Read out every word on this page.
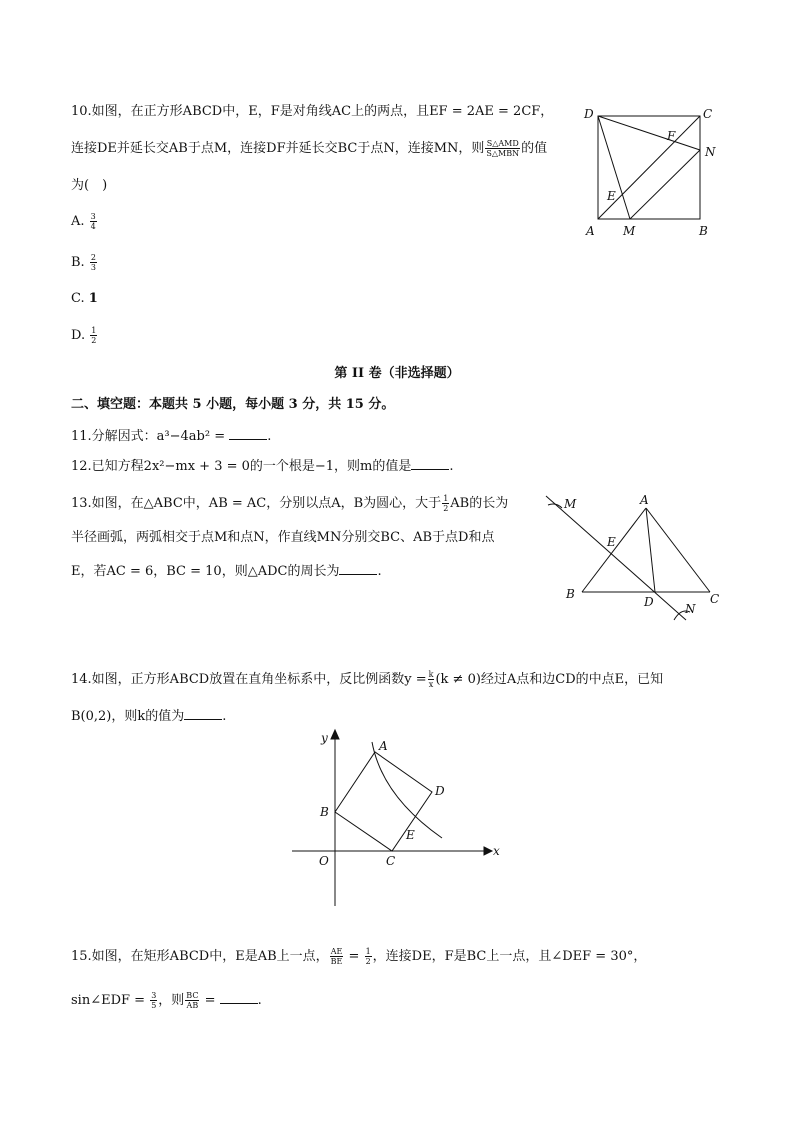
10.如图，在正方形ABCD中，E，F是对角线AC上的两点，且EF = 2AE = 2CF，
连接DE并延长交AB于点M，连接DF并延长交BC于点N，连接MN，则 $\frac{\text{S△AMD}}{\text{S△MBN}}$ 的值
为(　)
A. $\frac{3}{4}$
B. $\frac{2}{3}$
C. 1
D. $\frac{1}{2}$
D	C
F
N
E
A M	B
第 II 卷（非选择题）
二、填空题：本题共 5 小题，每小题 3 分，共 15 分。
11.分解因式：a³−4ab² =	.
12.已知方程2x²−mx + 3 = 0的一个根是−1，则m的值是	.
13.如图，在△ABC中，AB = AC，分别以点A，B为圆心，大于 $\frac{1}{2}$ AB的长为
半径画弧，两弧相交于点M和点N，作直线MN分别交BC、AB于点D和点
E，若AC = 6，BC = 10，则△ADC的周长为	.
M	A
E
B
D	C
N
14.如图，正方形ABCD放置在直角坐标系中，反比例函数$y = \frac{k}{x} (k \ne 0)$经过A点和边CD的中点E，已知
B(0,2)，则k的值为	.
y
x
O
A
B
C
D
E
15.如图，在矩形ABCD中，E是AB上一点， $\frac{AE}{BE} = \frac{1}{2}$ ，连接DE，F是BC上一点，且∠DEF = 30°，
sin∠EDF = $\frac{3}{5}$ ，则 $\frac{BC}{AB}$ =	.
